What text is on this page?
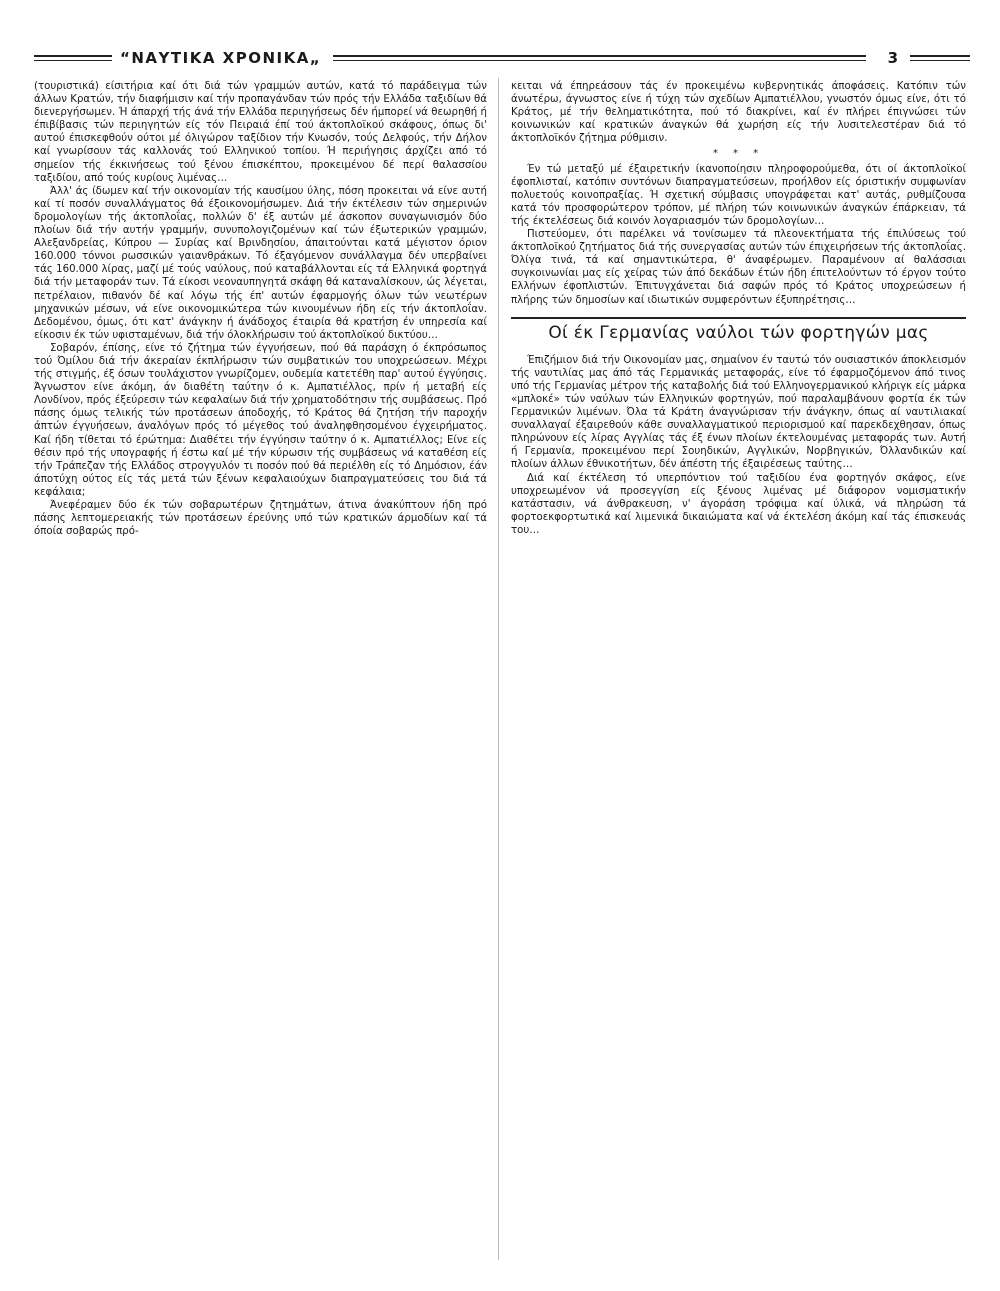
“ΝΑΥΤΙΚΑ ΧΡΟΝΙΚΑ„	3

(τουριστικά) είσιτήρια καί ότι διά τών γραμμών αυτών, κατά τό παράδειγμα τών άλλων Κρατών, τήν διαφήμισιν καί τήν προπαγάνδαν τών πρός τήν Ελλάδα ταξιδίων θά διενεργήσωμεν. Ή άπαρχή τής άνά τήν Ελλάδα περιηγήσεως δέν ήμπορεί νά θεωρηθή ή έπιβίβασις τών περιηγητών είς τόν Πειραιά έπί τού άκτοπλοϊκού σκάφους, όπως δι' αυτού έπισκεφθούν ούτοι μέ όλιγώρον ταξίδιον τήν Κνωσόν, τούς Δελφούς, τήν Δήλον καί γνωρίσουν τάς καλλονάς τού Ελληνικού τοπίου. Ή περιήγησις άρχίζει από τό σημείον τής έκκινήσεως τού ξένου έπισκέπτου, προκειμένου δέ περί θαλασσίου ταξιδίου, από τούς κυρίους λιμένας…

Άλλ' άς ίδωμεν καί τήν οικονομίαν τής καυσίμου ύλης, πόση προκειται νά είνε αυτή καί τί ποσόν συναλλάγματος θά έξοικονομήσωμεν. Διά τήν έκτέλεσιν τών σημερινών δρομολογίων τής άκτοπλοΐας, πολλών δ' έξ αυτών μέ άσκοπον συναγωνισμόν δύο πλοίων διά τήν αυτήν γραμμήν, συνυπολογιζομένων καί τών έξωτερικών γραμμών, Αλεξανδρείας, Κύπρου — Συρίας καί Βρινδησίου, άπαιτούνται κατά μέγιστον όριον 160.000 τόννοι ρωσσικών γαιανθράκων. Τό έξαγόμενον συνάλλαγμα δέν υπερβαίνει τάς 160.000 λίρας, μαζί μέ τούς ναύλους, πού καταβάλλονται είς τά Ελληνικά φορτηγά διά τήν μεταφοράν των. Τά είκοσι νεοναυπηγητά σκάφη θά καταναλίσκουν, ώς λέγεται, πετρέλαιον, πιθανόν δέ καί λόγω τής έπ' αυτών έφαρμογής όλων τών νεωτέρων μηχανικών μέσων, νά είνε οικονομικώτερα τών κινουμένων ήδη είς τήν άκτοπλοΐαν. Δεδομένου, όμως, ότι κατ' άνάγκην ή άνάδοχος έταιρία θά κρατήση έν υπηρεσία καί είκοσιν έκ τών υφισταμένων, διά τήν όλοκλήρωσιν τού άκτοπλοϊκού δικτύου…

Σοβαρόν, έπίσης, είνε τό ζήτημα τών έγγυήσεων, πού θά παράσχη ό έκπρόσωπος τού Όμίλου διά τήν άκεραίαν έκπλήρωσιν τών συμβατικών του υποχρεώσεων. Μέχρι τής στιγμής, έξ όσων τουλάχιστον γνωρίζομεν, ουδεμία κατετέθη παρ' αυτού έγγύησις. Άγνωστον είνε άκόμη, άν διαθέτη ταύτην ό κ. Αμπατιέλλος, πρίν ή μεταβή είς Λονδίνον, πρός έξεύρεσιν τών κεφαλαίων διά τήν χρηματοδότησιν τής συμβάσεως. Πρό πάσης όμως τελικής τών προτάσεων άποδοχής, τό Κράτος θά ζητήση τήν παροχήν άπτών έγγυήσεων, άναλόγων πρός τό μέγεθος τού άναληφθησομένου έγχειρήματος. Καί ήδη τίθεται τό έρώτημα: Διαθέτει τήν έγγύησιν ταύτην ό κ. Αμπατιέλλος; Είνε είς θέσιν πρό τής υπογραφής ή έστω καί μέ τήν κύρωσιν τής συμβάσεως νά καταθέση είς τήν Τράπεζαν τής Ελλάδος στρογγυλόν τι ποσόν πού θά περιέλθη είς τό Δημόσιον, έάν άποτύχη ούτος είς τάς μετά τών ξένων κεφαλαιούχων διαπραγματεύσεις του διά τά κεφάλαια;

Άνεφέραμεν δύο έκ τών σοβαρωτέρων ζητημάτων, άτινα άνακύπτουν ήδη πρό πάσης λεπτομερειακής τών προτάσεων έρεύνης υπό τών κρατικών άρμοδίων καί τά όποία σοβαρώς πρό-

κειται νά έπηρεάσουν τάς έν προκειμένω κυβερνητικάς άποφάσεις. Κατόπιν τών άνωτέρω, άγνωστος είνε ή τύχη τών σχεδίων Αμπατιέλλου, γνωστόν όμως είνε, ότι τό Κράτος, μέ τήν θεληματικότητα, πού τό διακρίνει, καί έν πλήρει έπιγνώσει τών κοινωνικών καί κρατικών άναγκών θά χωρήση είς τήν λυσιτελεστέραν διά τό άκτοπλοϊκόν ζήτημα ρύθμισιν.

* * *

Έν τώ μεταξύ μέ έξαιρετικήν ίκανοποίησιν πληροφορούμεθα, ότι οί άκτοπλοϊκοί έφοπλισταί, κατόπιν συντόνων διαπραγματεύσεων, προήλθον είς όριστικήν συμφωνίαν πολυετούς κοινοπραξίας. Ή σχετική σύμβασις υπογράφεται κατ' αυτάς, ρυθμίζουσα κατά τόν προσφορώτερον τρόπον, μέ πλήρη τών κοινωνικών άναγκών έπάρκειαν, τά τής έκτελέσεως διά κοινόν λογαριασμόν τών δρομολογίων…

Πιστεύομεν, ότι παρέλκει νά τονίσωμεν τά πλεονεκτήματα τής έπιλύσεως τού άκτοπλοϊκού ζητήματος διά τής συνεργασίας αυτών τών έπιχειρήσεων τής άκτοπλοΐας. Όλίγα τινά, τά καί σημαντικώτερα, θ' άναφέρωμεν. Παραμένουν αί θαλάσσιαι συγκοινωνίαι μας είς χείρας τών άπό δεκάδων έτών ήδη έπιτελούντων τό έργον τούτο Ελλήνων έφοπλιστών. Έπιτυγχάνεται διά σαφών πρός τό Κράτος υποχρεώσεων ή πλήρης τών δημοσίων καί ιδιωτικών συμφερόντων έξυπηρέτησις…

Οί έκ Γερμανίας ναύλοι τών φορτηγών μας

Έπιζήμιον διά τήν Οικονομίαν μας, σημαίνον έν ταυτώ τόν ουσιαστικόν άποκλεισμόν τής ναυτιλίας μας άπό τάς Γερμανικάς μεταφοράς, είνε τό έφαρμοζόμενον άπό τινος υπό τής Γερμανίας μέτρον τής καταβολής διά τού Ελληνογερμανικού κλήριγκ είς μάρκα «μπλοκέ» τών ναύλων τών Ελληνικών φορτηγών, πού παραλαμβάνουν φορτία έκ τών Γερμανικών λιμένων. Όλα τά Κράτη άναγνώρισαν τήν άνάγκην, όπως αί ναυτιλιακαί συναλλαγαί έξαιρεθούν κάθε συναλλαγματικού περιορισμού καί παρεκδεχθησαν, όπως πληρώνουν είς λίρας Αγγλίας τάς έξ ένων πλοίων έκτελουμένας μεταφοράς των. Αυτή ή Γερμανία, προκειμένου περί Σουηδικών, Αγγλικών, Νορβηγικών, Όλλανδικών καί πλοίων άλλων έθνικοτήτων, δέν άπέστη τής έξαιρέσεως ταύτης…

Διά καί έκτέλεση τό υπερπόντιον τού ταξιδίου ένα φορτηγόν σκάφος, είνε υποχρεωμένον νά προσεγγίση είς ξένους λιμένας μέ διάφορον νομισματικήν κατάστασιν, νά άνθρακευση, ν' άγοράση τρόφιμα καί ύλικά, νά πληρώση τά φορτοεκφορτωτικά καί λιμενικά δικαιώματα καί νά έκτελέση άκόμη καί τάς έπισκευάς του…
